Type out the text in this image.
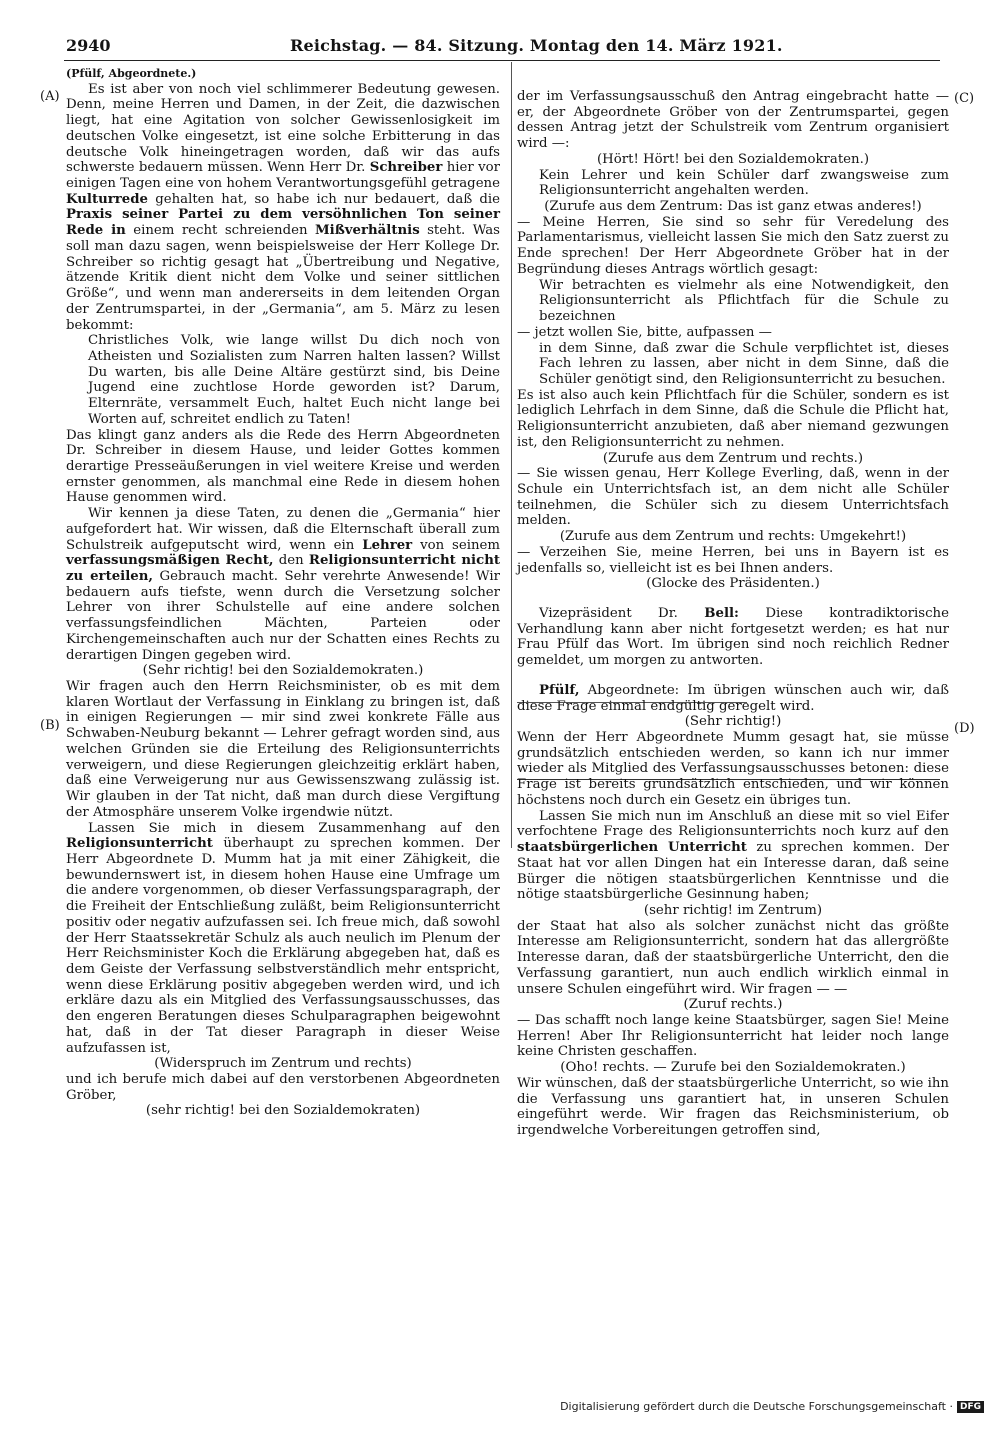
2940	Reichstag. — 84. Sitzung. Montag den 14. März 1921.
(A)
(B)
(C)
(D)

(Pfülf, Abgeordnete.)

Es ist aber von noch viel schlimmerer Bedeutung gewesen. Denn, meine Herren und Damen, in der Zeit, die dazwischen liegt, hat eine Agitation von solcher Gewissenlosigkeit im deutschen Volke eingesetzt, ist eine solche Erbitterung in das deutsche Volk hineingetragen worden, daß wir das aufs schwerste bedauern müssen. Wenn Herr Dr. Schreiber hier vor einigen Tagen eine von hohem Verantwortungsgefühl getragene Kulturrede gehalten hat, so habe ich nur bedauert, daß die Praxis seiner Partei zu dem versöhnlichen Ton seiner Rede in einem recht schreienden Mißverhältnis steht. Was soll man dazu sagen, wenn beispielsweise der Herr Kollege Dr. Schreiber so richtig gesagt hat „Übertreibung und Negative, ätzende Kritik dient nicht dem Volke und seiner sittlichen Größe“, und wenn man andererseits in dem leitenden Organ der Zentrumspartei, in der „Germania“, am 5. März zu lesen bekommt:

Christliches Volk, wie lange willst Du dich noch von Atheisten und Sozialisten zum Narren halten lassen? Willst Du warten, bis alle Deine Altäre gestürzt sind, bis Deine Jugend eine zuchtlose Horde geworden ist? Darum, Elternräte, versammelt Euch, haltet Euch nicht lange bei Worten auf, schreitet endlich zu Taten!

Das klingt ganz anders als die Rede des Herrn Abgeordneten Dr. Schreiber in diesem Hause, und leider Gottes kommen derartige Presseäußerungen in viel weitere Kreise und werden ernster genommen, als manchmal eine Rede in diesem hohen Hause genommen wird.

Wir kennen ja diese Taten, zu denen die „Germania“ hier aufgefordert hat. Wir wissen, daß die Elternschaft überall zum Schulstreik aufgeputscht wird, wenn ein Lehrer von seinem verfassungsmäßigen Recht, den Religionsunterricht nicht zu erteilen, Gebrauch macht. Sehr verehrte Anwesende! Wir bedauern aufs tiefste, wenn durch die Versetzung solcher Lehrer von ihrer Schulstelle auf eine andere solchen verfassungsfeindlichen Mächten, Parteien oder Kirchengemeinschaften auch nur der Schatten eines Rechts zu derartigen Dingen gegeben wird.

(Sehr richtig! bei den Sozialdemokraten.)

Wir fragen auch den Herrn Reichsminister, ob es mit dem klaren Wortlaut der Verfassung in Einklang zu bringen ist, daß in einigen Regierungen — mir sind zwei konkrete Fälle aus Schwaben-Neuburg bekannt — Lehrer gefragt worden sind, aus welchen Gründen sie die Erteilung des Religionsunterrichts verweigern, und diese Regierungen gleichzeitig erklärt haben, daß eine Verweigerung nur aus Gewissenszwang zulässig ist. Wir glauben in der Tat nicht, daß man durch diese Vergiftung der Atmosphäre unserem Volke irgendwie nützt.

Lassen Sie mich in diesem Zusammenhang auf den Religionsunterricht überhaupt zu sprechen kommen. Der Herr Abgeordnete D. Mumm hat ja mit einer Zähigkeit, die bewundernswert ist, in diesem hohen Hause eine Umfrage um die andere vorgenommen, ob dieser Verfassungsparagraph, der die Freiheit der Entschließung zuläßt, beim Religionsunterricht positiv oder negativ aufzufassen sei. Ich freue mich, daß sowohl der Herr Staatssekretär Schulz als auch neulich im Plenum der Herr Reichsminister Koch die Erklärung abgegeben hat, daß es dem Geiste der Verfassung selbstverständlich mehr entspricht, wenn diese Erklärung positiv abgegeben werden wird, und ich erkläre dazu als ein Mitglied des Verfassungsausschusses, das den engeren Beratungen dieses Schulparagraphen beigewohnt hat, daß in der Tat dieser Paragraph in dieser Weise aufzufassen ist,

(Widerspruch im Zentrum und rechts)

und ich berufe mich dabei auf den verstorbenen Abgeordneten Gröber,

(sehr richtig! bei den Sozialdemokraten)

der im Verfassungsausschuß den Antrag eingebracht hatte — er, der Abgeordnete Gröber von der Zentrumspartei, gegen dessen Antrag jetzt der Schulstreik vom Zentrum organisiert wird —:

(Hört! Hört! bei den Sozialdemokraten.)

Kein Lehrer und kein Schüler darf zwangsweise zum Religionsunterricht angehalten werden.

(Zurufe aus dem Zentrum: Das ist ganz etwas anderes!)

— Meine Herren, Sie sind so sehr für Veredelung des Parlamentarismus, vielleicht lassen Sie mich den Satz zuerst zu Ende sprechen! Der Herr Abgeordnete Gröber hat in der Begründung dieses Antrags wörtlich gesagt:

Wir betrachten es vielmehr als eine Notwendigkeit, den Religionsunterricht als Pflichtfach für die Schule zu bezeichnen

— jetzt wollen Sie, bitte, aufpassen —

in dem Sinne, daß zwar die Schule verpflichtet ist, dieses Fach lehren zu lassen, aber nicht in dem Sinne, daß die Schüler genötigt sind, den Religionsunterricht zu besuchen.

Es ist also auch kein Pflichtfach für die Schüler, sondern es ist lediglich Lehrfach in dem Sinne, daß die Schule die Pflicht hat, Religionsunterricht anzubieten, daß aber niemand gezwungen ist, den Religionsunterricht zu nehmen.

(Zurufe aus dem Zentrum und rechts.)

— Sie wissen genau, Herr Kollege Everling, daß, wenn in der Schule ein Unterrichtsfach ist, an dem nicht alle Schüler teilnehmen, die Schüler sich zu diesem Unterrichtsfach melden.

(Zurufe aus dem Zentrum und rechts: Umgekehrt!)

— Verzeihen Sie, meine Herren, bei uns in Bayern ist es jedenfalls so, vielleicht ist es bei Ihnen anders.

(Glocke des Präsidenten.)

Vizepräsident Dr. Bell: Diese kontradiktorische Verhandlung kann aber nicht fortgesetzt werden; es hat nur Frau Pfülf das Wort. Im übrigen sind noch reichlich Redner gemeldet, um morgen zu antworten.

Pfülf, Abgeordnete: Im übrigen wünschen auch wir, daß diese Frage einmal endgültig geregelt wird.

(Sehr richtig!)

Wenn der Herr Abgeordnete Mumm gesagt hat, sie müsse grundsätzlich entschieden werden, so kann ich nur immer wieder als Mitglied des Verfassungsausschusses betonen: diese Frage ist bereits grundsätzlich entschieden, und wir können höchstens noch durch ein Gesetz ein übriges tun.

Lassen Sie mich nun im Anschluß an diese mit so viel Eifer verfochtene Frage des Religionsunterrichts noch kurz auf den staatsbürgerlichen Unterricht zu sprechen kommen. Der Staat hat vor allen Dingen hat ein Interesse daran, daß seine Bürger die nötigen staatsbürgerlichen Kenntnisse und die nötige staatsbürgerliche Gesinnung haben;

(sehr richtig! im Zentrum)

der Staat hat also als solcher zunächst nicht das größte Interesse am Religionsunterricht, sondern hat das allergrößte Interesse daran, daß der staatsbürgerliche Unterricht, den die Verfassung garantiert, nun auch endlich wirklich einmal in unsere Schulen eingeführt wird. Wir fragen — —

(Zuruf rechts.)

— Das schafft noch lange keine Staatsbürger, sagen Sie! Meine Herren! Aber Ihr Religionsunterricht hat leider noch lange keine Christen geschaffen.

(Oho! rechts. — Zurufe bei den Sozialdemokraten.)

Wir wünschen, daß der staatsbürgerliche Unterricht, so wie ihn die Verfassung uns garantiert hat, in unseren Schulen eingeführt werde. Wir fragen das Reichsministerium, ob irgendwelche Vorbereitungen getroffen sind,

Digitalisierung gefördert durch die Deutsche Forschungsgemeinschaft · DFG
